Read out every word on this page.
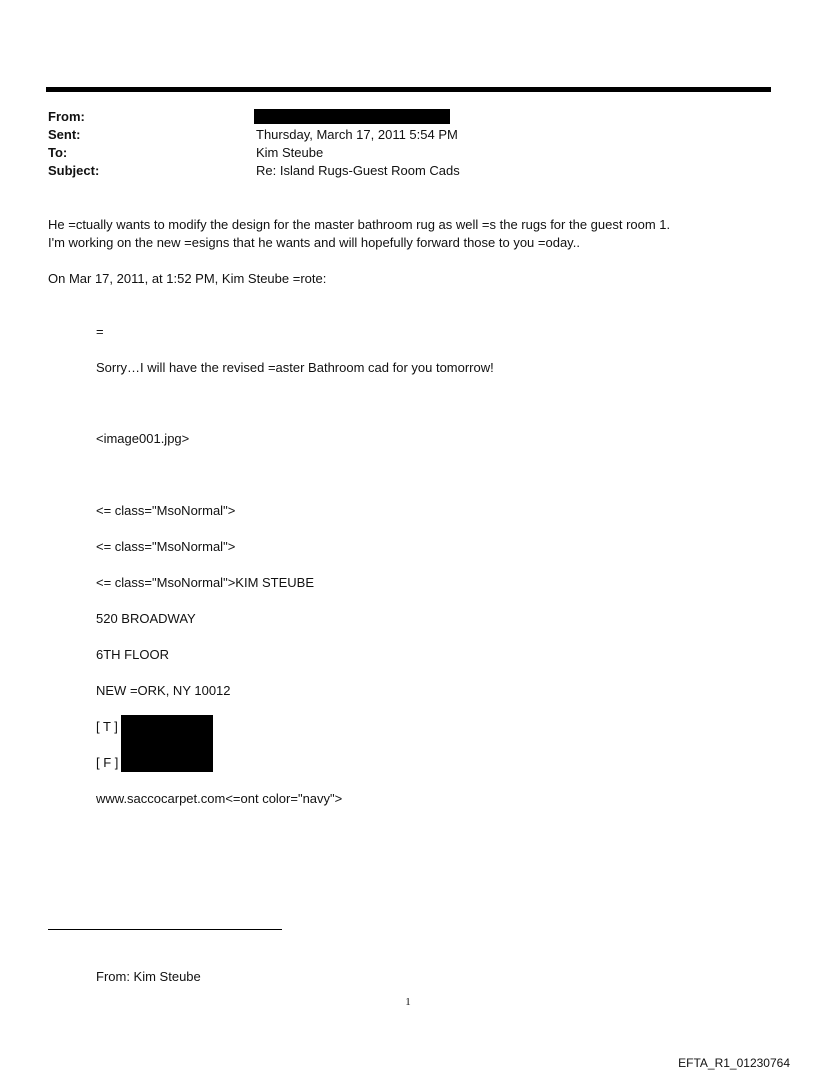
From:
Sent:	Thursday, March 17, 2011 5:54 PM
To:	Kim Steube
Subject:	Re: Island Rugs-Guest Room Cads
He =ctually wants to modify the design for the master bathroom rug as well =s the rugs for the guest room 1.
I'm working on the new =esigns that he wants and will hopefully forward those to you =oday..
On Mar 17, 2011, at 1:52 PM, Kim Steube =rote:
=
Sorry…I will have the revised =aster Bathroom cad for you tomorrow!
<image001.jpg>
<= class="MsoNormal">
<= class="MsoNormal">
<= class="MsoNormal">KIM STEUBE
520 BROADWAY
6TH FLOOR
NEW =ORK, NY 10012
[ T ]
[ F ]
www.saccocarpet.com<=ont color="navy">
From: Kim Steube
1
EFTA_R1_01230764
